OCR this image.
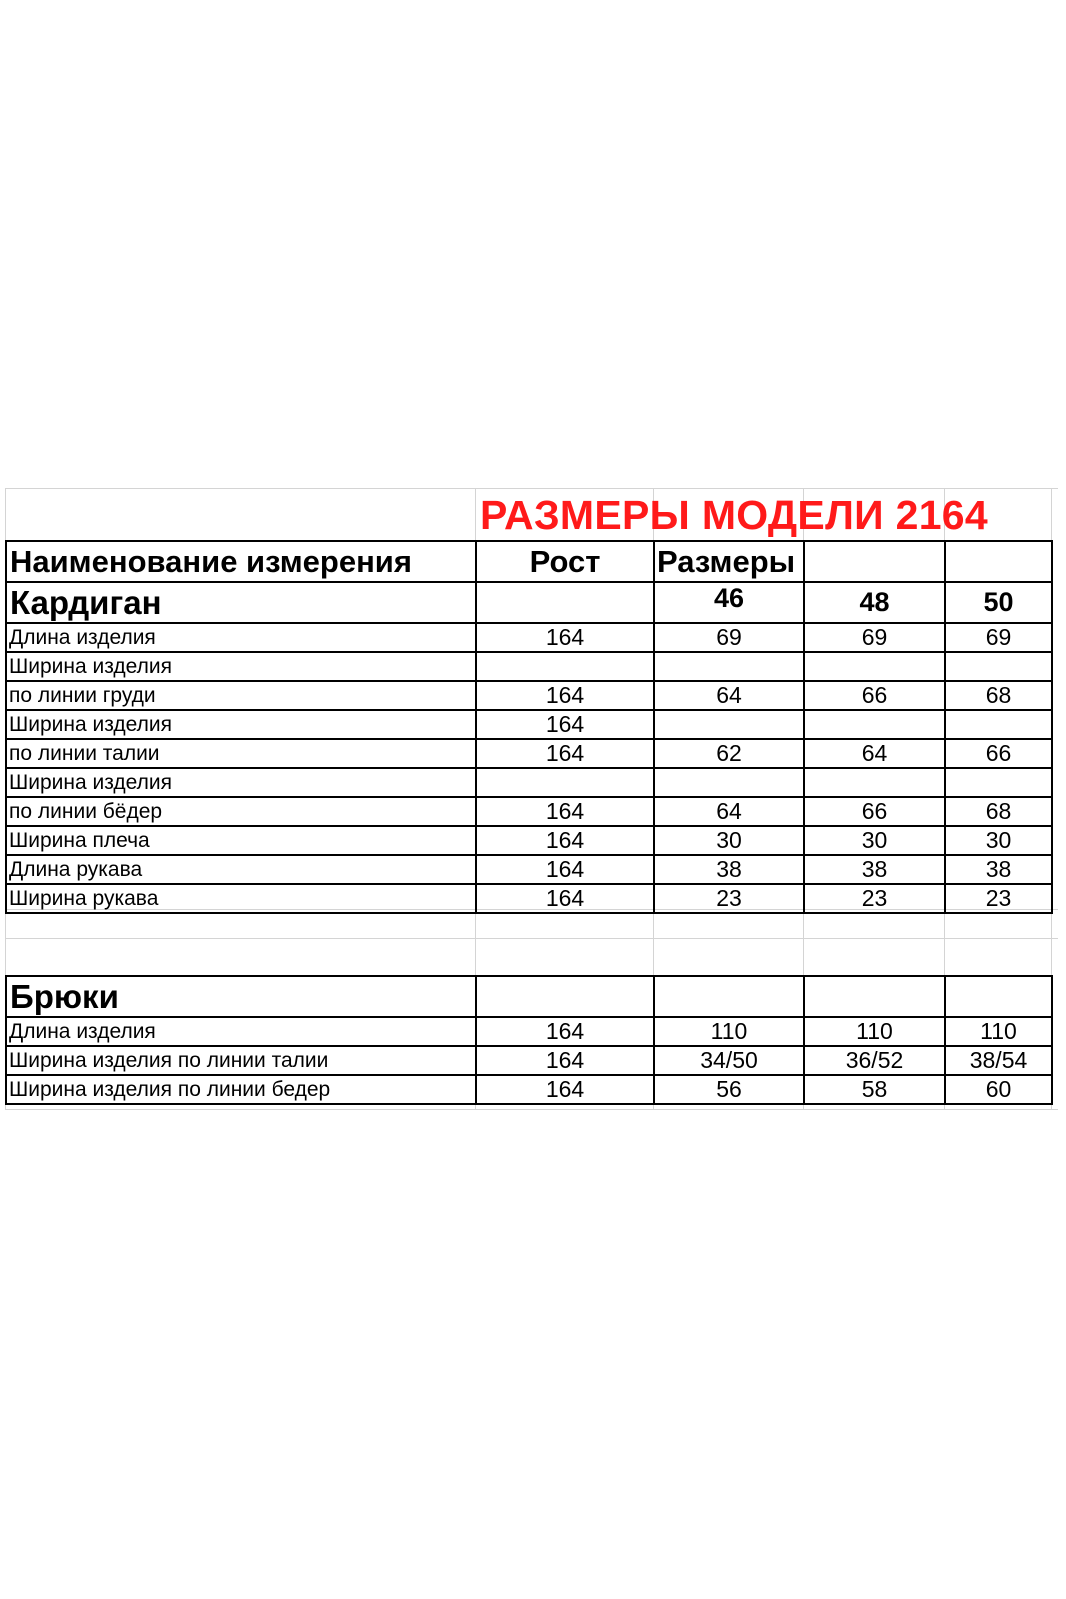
РАЗМЕРЫ МОДЕЛИ 2164
Наименование измерения	Рост	Размеры		
Кардиган		46	48	50
Длина изделия	164	69	69	69
Ширина изделия				
по линии груди	164	64	66	68
Ширина изделия	164			
по линии талии	164	62	64	66
Ширина изделия				
по линии бёдер	164	64	66	68
Ширина плеча	164	30	30	30
Длина рукава	164	38	38	38
Ширина рукава	164	23	23	23
Брюки				
Длина изделия	164	110	110	110
Ширина изделия по линии талии	164	34/50	36/52	38/54
Ширина изделия по линии бедер	164	56	58	60
